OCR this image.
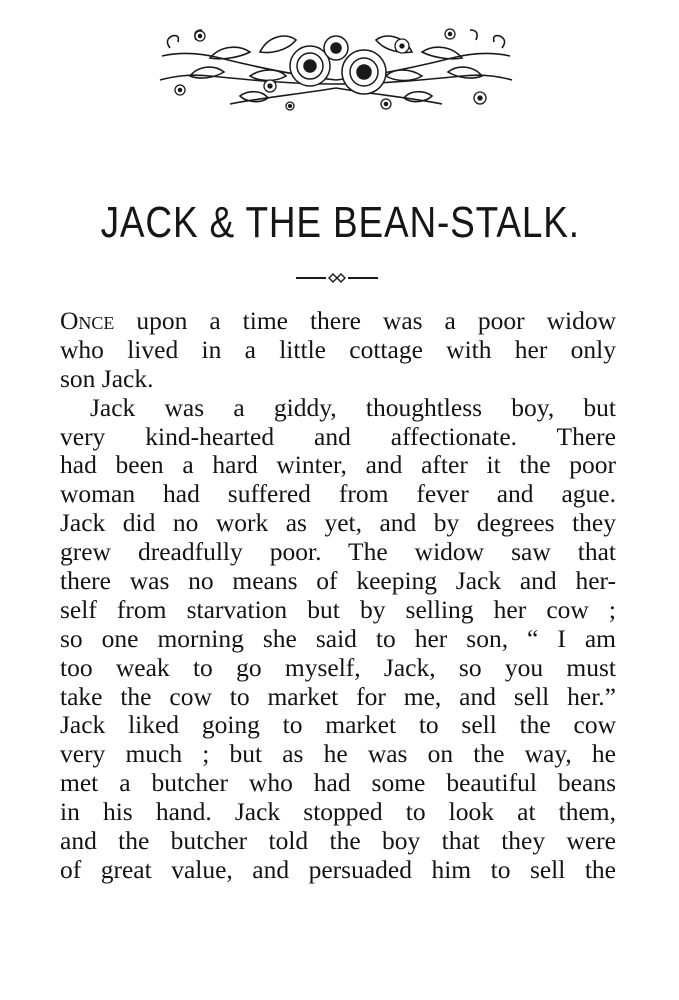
JACK & THE BEAN-STALK.
Once upon a time there was a poor widow
who lived in a little cottage with her only
son Jack.
Jack was a giddy, thoughtless boy, but
very kind-hearted and affectionate. There
had been a hard winter, and after it the poor
woman had suffered from fever and ague.
Jack did no work as yet, and by degrees they
grew dreadfully poor. The widow saw that
there was no means of keeping Jack and her-
self from starvation but by selling her cow ;
so one morning she said to her son, “ I am
too weak to go myself, Jack, so you must
take the cow to market for me, and sell her.”
Jack liked going to market to sell the cow
very much ; but as he was on the way, he
met a butcher who had some beautiful beans
in his hand. Jack stopped to look at them,
and the butcher told the boy that they were
of great value, and persuaded him to sell the
